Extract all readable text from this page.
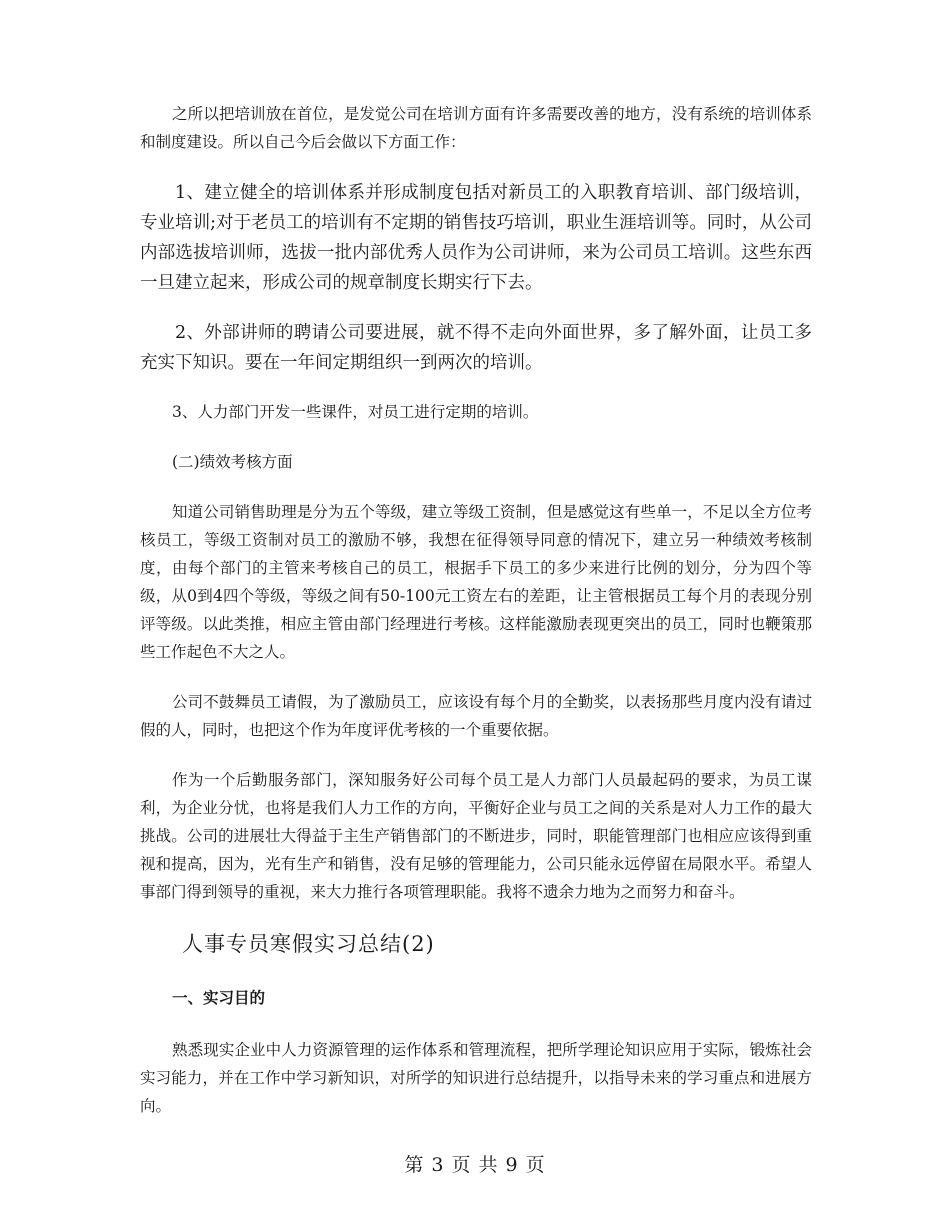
之所以把培训放在首位，是发觉公司在培训方面有许多需要改善的地方，没有系统的培训体系和制度建设。所以自己今后会做以下方面工作：

1、建立健全的培训体系并形成制度包括对新员工的入职教育培训、部门级培训，专业培训;对于老员工的培训有不定期的销售技巧培训，职业生涯培训等。同时，从公司内部选拔培训师，选拔一批内部优秀人员作为公司讲师，来为公司员工培训。这些东西一旦建立起来，形成公司的规章制度长期实行下去。

2、外部讲师的聘请公司要进展，就不得不走向外面世界，多了解外面，让员工多充实下知识。要在一年间定期组织一到两次的培训。

3、人力部门开发一些课件，对员工进行定期的培训。

(二)绩效考核方面

知道公司销售助理是分为五个等级，建立等级工资制，但是感觉这有些单一，不足以全方位考核员工，等级工资制对员工的激励不够，我想在征得领导同意的情况下，建立另一种绩效考核制度，由每个部门的主管来考核自己的员工，根据手下员工的多少来进行比例的划分，分为四个等级，从0到4四个等级，等级之间有50-100元工资左右的差距，让主管根据员工每个月的表现分别评等级。以此类推，相应主管由部门经理进行考核。这样能激励表现更突出的员工，同时也鞭策那些工作起色不大之人。

公司不鼓舞员工请假，为了激励员工，应该设有每个月的全勤奖，以表扬那些月度内没有请过假的人，同时，也把这个作为年度评优考核的一个重要依据。

作为一个后勤服务部门，深知服务好公司每个员工是人力部门人员最起码的要求，为员工谋利，为企业分忧，也将是我们人力工作的方向，平衡好企业与员工之间的关系是对人力工作的最大挑战。公司的进展壮大得益于主生产销售部门的不断进步，同时，职能管理部门也相应应该得到重视和提高，因为，光有生产和销售，没有足够的管理能力，公司只能永远停留在局限水平。希望人事部门得到领导的重视，来大力推行各项管理职能。我将不遗余力地为之而努力和奋斗。

人事专员寒假实习总结(2)

一、实习目的

熟悉现实企业中人力资源管理的运作体系和管理流程，把所学理论知识应用于实际，锻炼社会实习能力，并在工作中学习新知识，对所学的知识进行总结提升，以指导未来的学习重点和进展方向。

第 3 页 共 9 页
